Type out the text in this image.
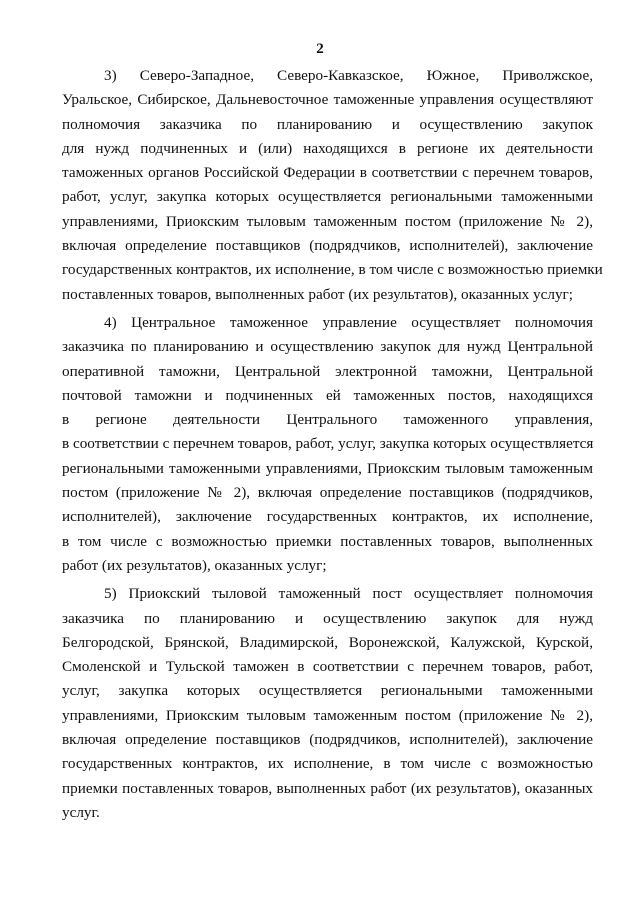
2

3) Северо-Западное, Северо-Кавказское, Южное, Приволжское,
Уральское, Сибирское, Дальневосточное таможенные управления осуществляют
полномочия заказчика по планированию и осуществлению закупок
для нужд подчиненных и (или) находящихся в регионе их деятельности
таможенных органов Российской Федерации в соответствии с перечнем товаров,
работ, услуг, закупка которых осуществляется региональными таможенными
управлениями, Приокским тыловым таможенным постом (приложение № 2),
включая определение поставщиков (подрядчиков, исполнителей), заключение
государственных контрактов, их исполнение, в том числе с возможностью приемки
поставленных товаров, выполненных работ (их результатов), оказанных услуг;

4) Центральное таможенное управление осуществляет полномочия
заказчика по планированию и осуществлению закупок для нужд Центральной
оперативной таможни, Центральной электронной таможни, Центральной
почтовой таможни и подчиненных ей таможенных постов, находящихся
в регионе деятельности Центрального таможенного управления,
в соответствии с перечнем товаров, работ, услуг, закупка которых осуществляется
региональными таможенными управлениями, Приокским тыловым таможенным
постом (приложение № 2), включая определение поставщиков (подрядчиков,
исполнителей), заключение государственных контрактов, их исполнение,
в том числе с возможностью приемки поставленных товаров, выполненных
работ (их результатов), оказанных услуг;

5) Приокский тыловой таможенный пост осуществляет полномочия
заказчика по планированию и осуществлению закупок для нужд
Белгородской, Брянской, Владимирской, Воронежской, Калужской, Курской,
Смоленской и Тульской таможен в соответствии с перечнем товаров, работ,
услуг, закупка которых осуществляется региональными таможенными
управлениями, Приокским тыловым таможенным постом (приложение № 2),
включая определение поставщиков (подрядчиков, исполнителей), заключение
государственных контрактов, их исполнение, в том числе с возможностью
приемки поставленных товаров, выполненных работ (их результатов), оказанных
услуг.
